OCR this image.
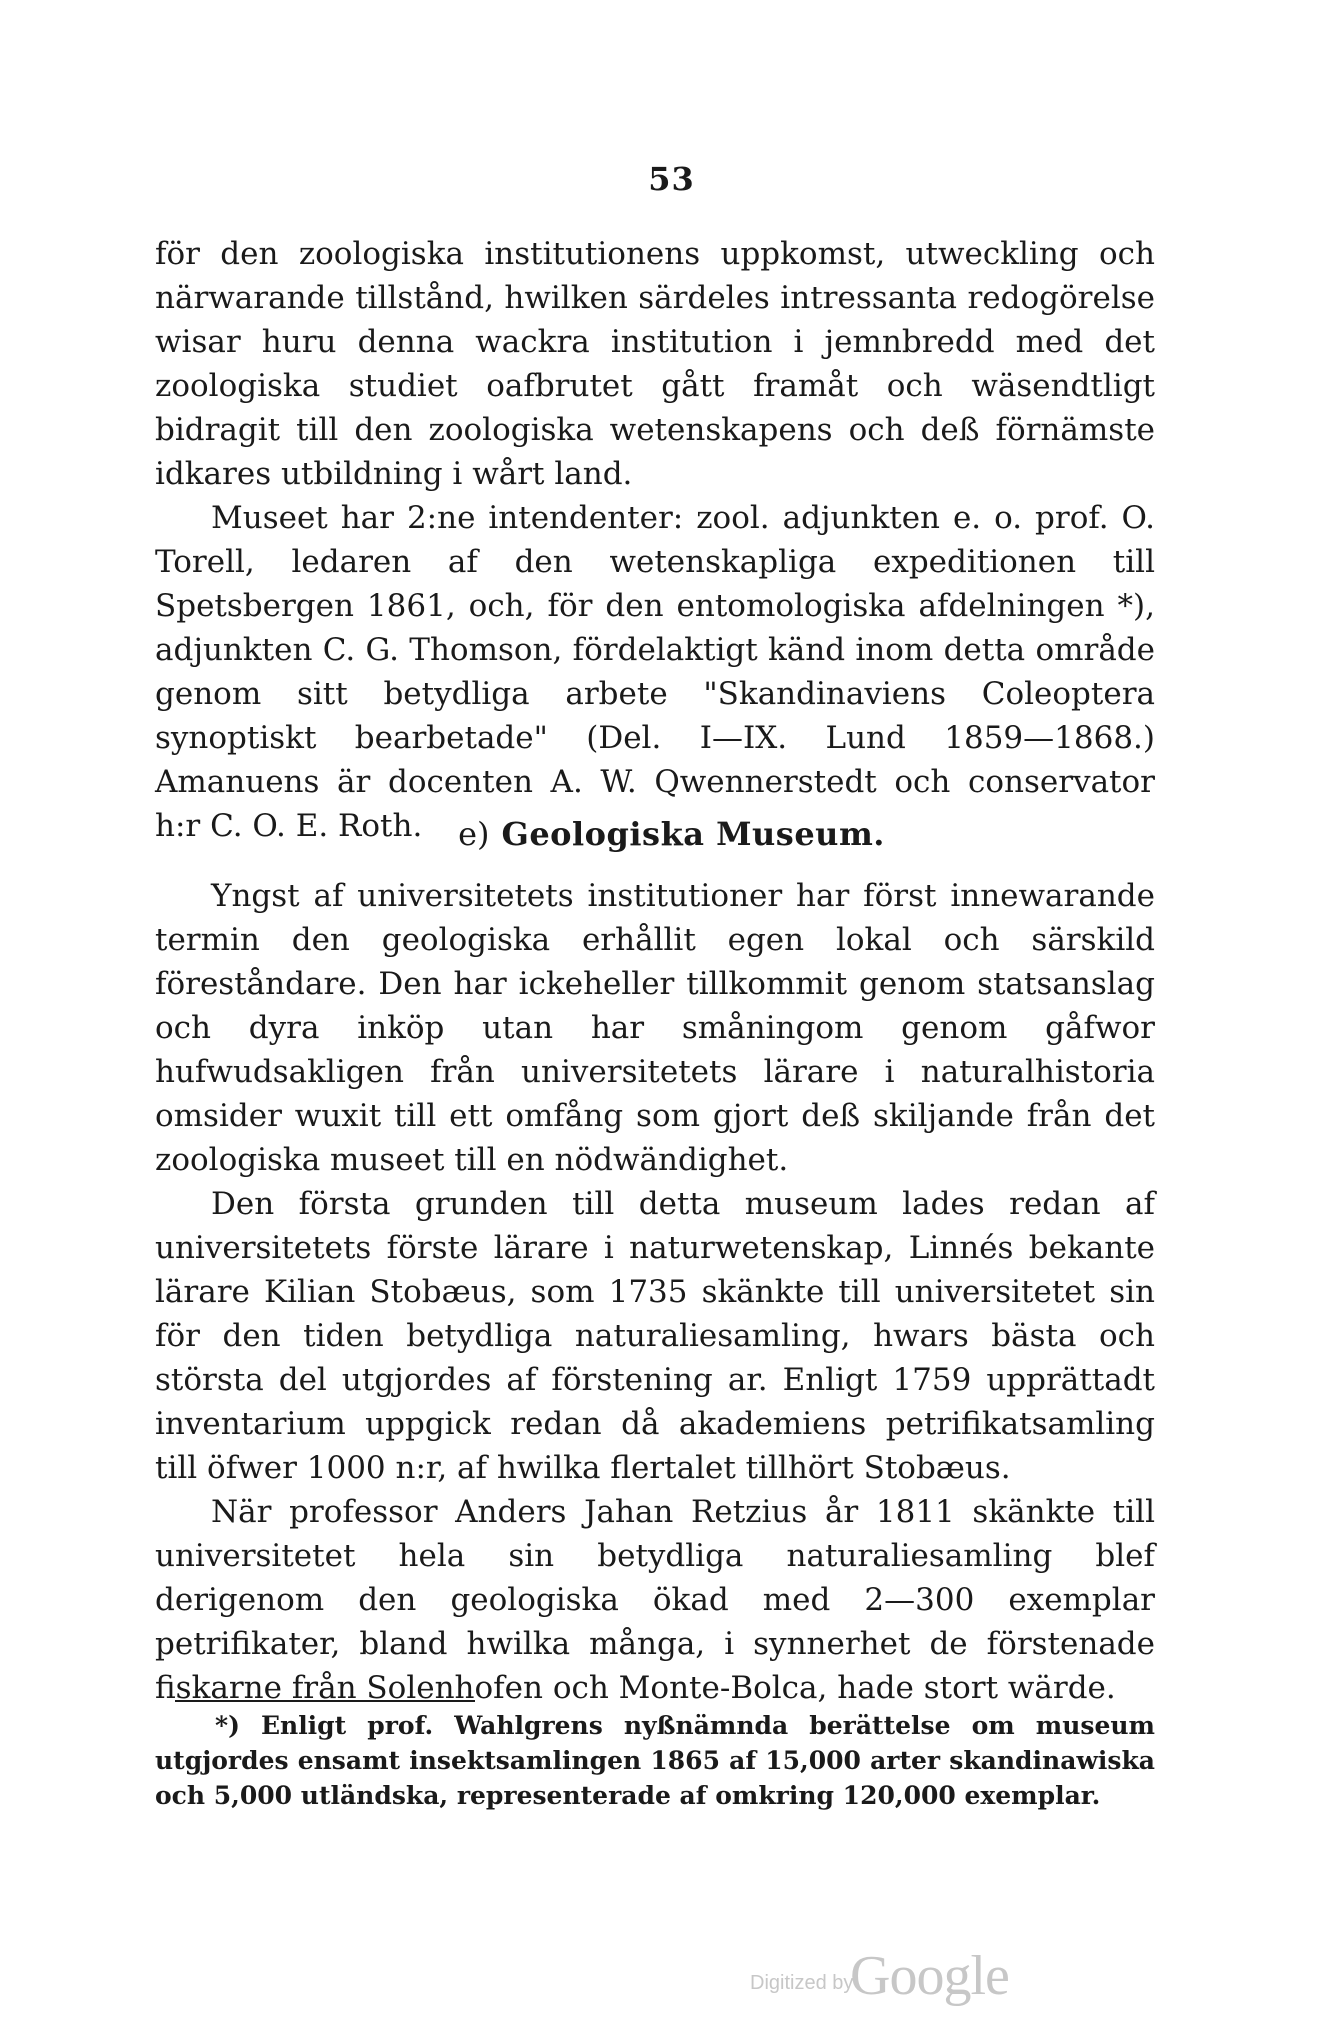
53

för den zoologiska institutionens uppkomst, utweckling och närwarande tillstånd, hwilken särdeles intressanta redogörelse wisar huru denna wackra institution i jemnbredd med det zoologiska studiet oafbrutet gått framåt och wäsendtligt bidragit till den zoologiska wetenskapens och deß förnämste idkares utbildning i wårt land.

Museet har 2:ne intendenter: zool. adjunkten e. o. prof. O. Torell, ledaren af den wetenskapliga expeditionen till Spetsbergen 1861, och, för den entomologiska afdelningen *), adjunkten C. G. Thomson, fördelaktigt känd inom detta område genom sitt betydliga arbete "Skandinaviens Coleoptera synoptiskt bearbetade" (Del. I—IX. Lund 1859—1868.) Amanuens är docenten A. W. Qwennerstedt och conservator h:r C. O. E. Roth.	e) Geologiska Museum.

Yngst af universitetets institutioner har först innewarande termin den geologiska erhållit egen lokal och särskild föreståndare. Den har ickeheller tillkommit genom statsanslag och dyra inköp utan har småningom genom gåfwor hufwudsakligen från universitetets lärare i naturalhistoria omsider wuxit till ett omfång som gjort deß skiljande från det zoologiska museet till en nödwändighet.

Den första grunden till detta museum lades redan af universitetets förste lärare i naturwetenskap, Linnés bekante lärare Kilian Stobæus, som 1735 skänkte till universitetet sin för den tiden betydliga naturaliesamling, hwars bästa och största del utgjordes af förstening ar. Enligt 1759 upprättadt inventarium uppgick redan då akademiens petrifikatsamling till öfwer 1000 n:r, af hwilka flertalet tillhört Stobæus.

När professor Anders Jahan Retzius år 1811 skänkte till universitetet hela sin betydliga naturaliesamling blef derigenom den geologiska ökad med 2—300 exemplar petrifikater, bland hwilka många, i synnerhet de förstenade fiskarne från Solenhofen och Monte-Bolca, hade stort wärde.

*) Enligt prof. Wahlgrens nyßnämnda berättelse om museum utgjordes ensamt insektsamlingen 1865 af 15,000 arter skandinawiska och 5,000 utländska, representerade af omkring 120,000 exemplar.
Digitized by
Google
